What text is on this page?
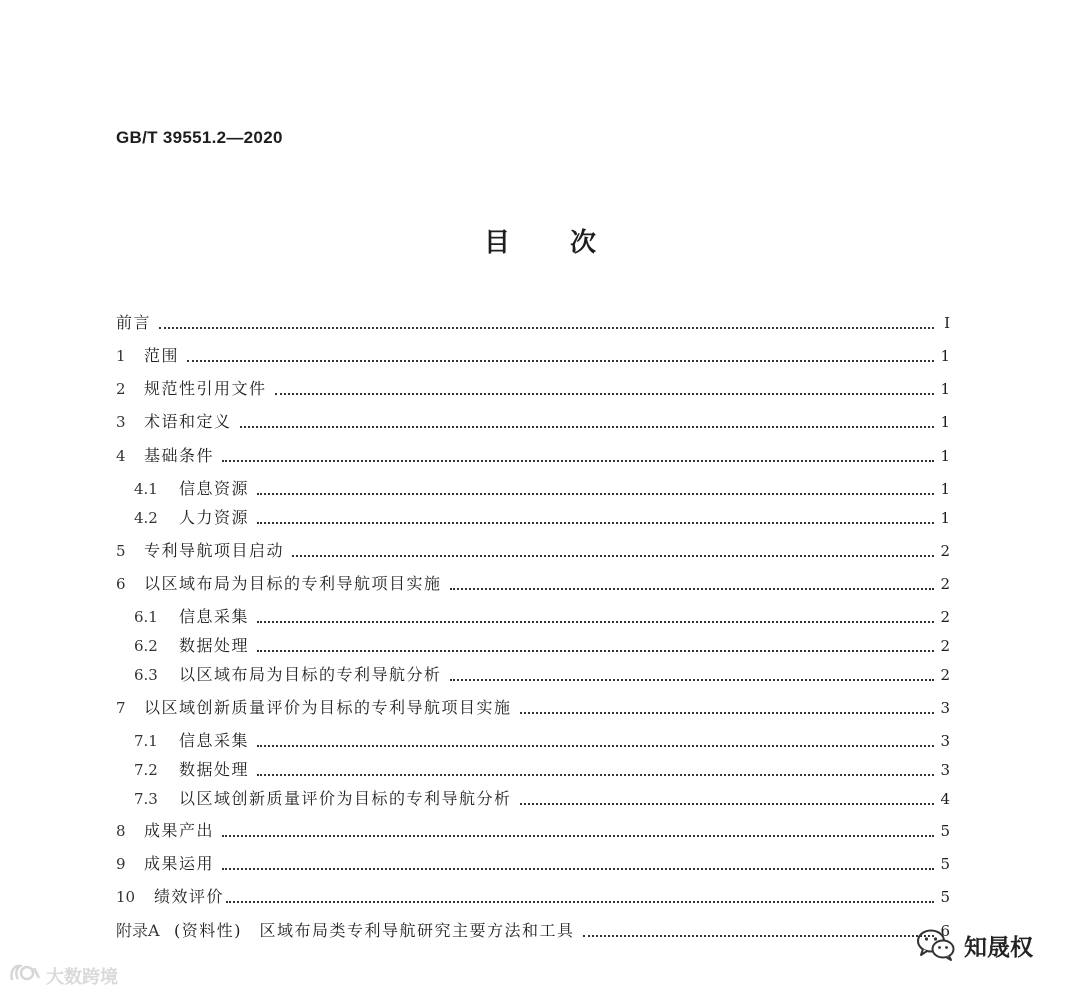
GB/T 39551.2—2020
目次
前言	I
1	范围	1
2	规范性引用文件	1
3	术语和定义	1
4	基础条件	1
4.1	信息资源	1
4.2	人力资源	1
5	专利导航项目启动	2
6	以区域布局为目标的专利导航项目实施	2
6.1	信息采集	2
6.2	数据处理	2
6.3	以区域布局为目标的专利导航分析	2
7	以区域创新质量评价为目标的专利导航项目实施	3
7.1	信息采集	3
7.2	数据处理	3
7.3	以区域创新质量评价为目标的专利导航分析	4
8	成果产出	5
9	成果运用	5
10	绩效评价	5
附录A (资料性)　区域布局类专利导航研究主要方法和工具	6
大数跨境
知晟权
